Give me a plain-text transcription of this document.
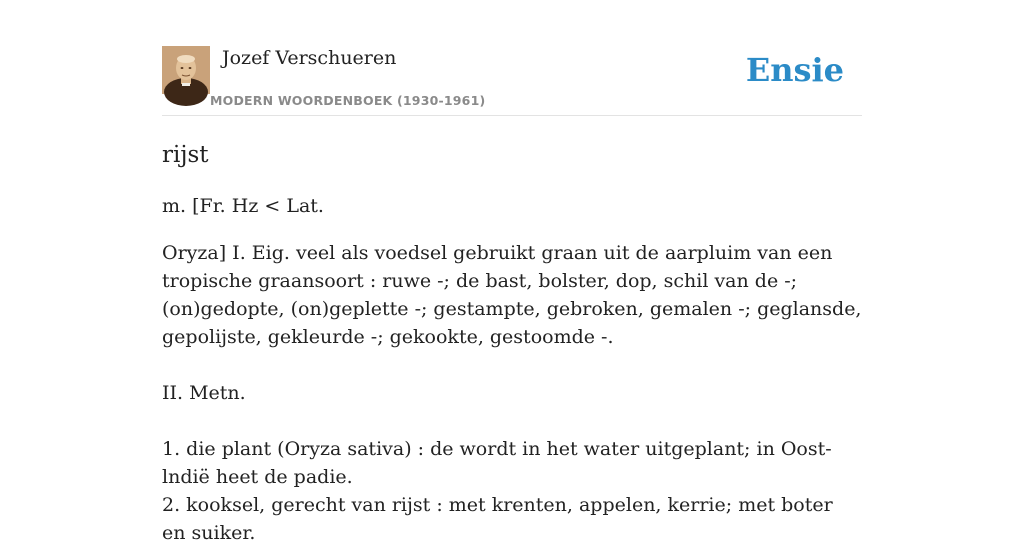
Jozef Verschueren
MODERN WOORDENBOEK (1930-1961)
Ensie
rijst
m. [Fr. Hz < Lat.

Oryza] I. Eig. veel als voedsel gebruikt graan uit de aarpluim van een tropische graansoort : ruwe -; de bast, bolster, dop, schil van de -; (on)gedopte, (on)geplette -; gestampte, gebroken, gemalen -; geglansde, gepolijste, gekleurde -; gekookte, gestoomde -.

II. Metn.

1. die plant (Oryza sativa) : de wordt in het water uitgeplant; in Oost-lndië heet de padie.

2. kooksel, gerecht van rijst : met krenten, appelen, kerrie; met boter en suiker.
